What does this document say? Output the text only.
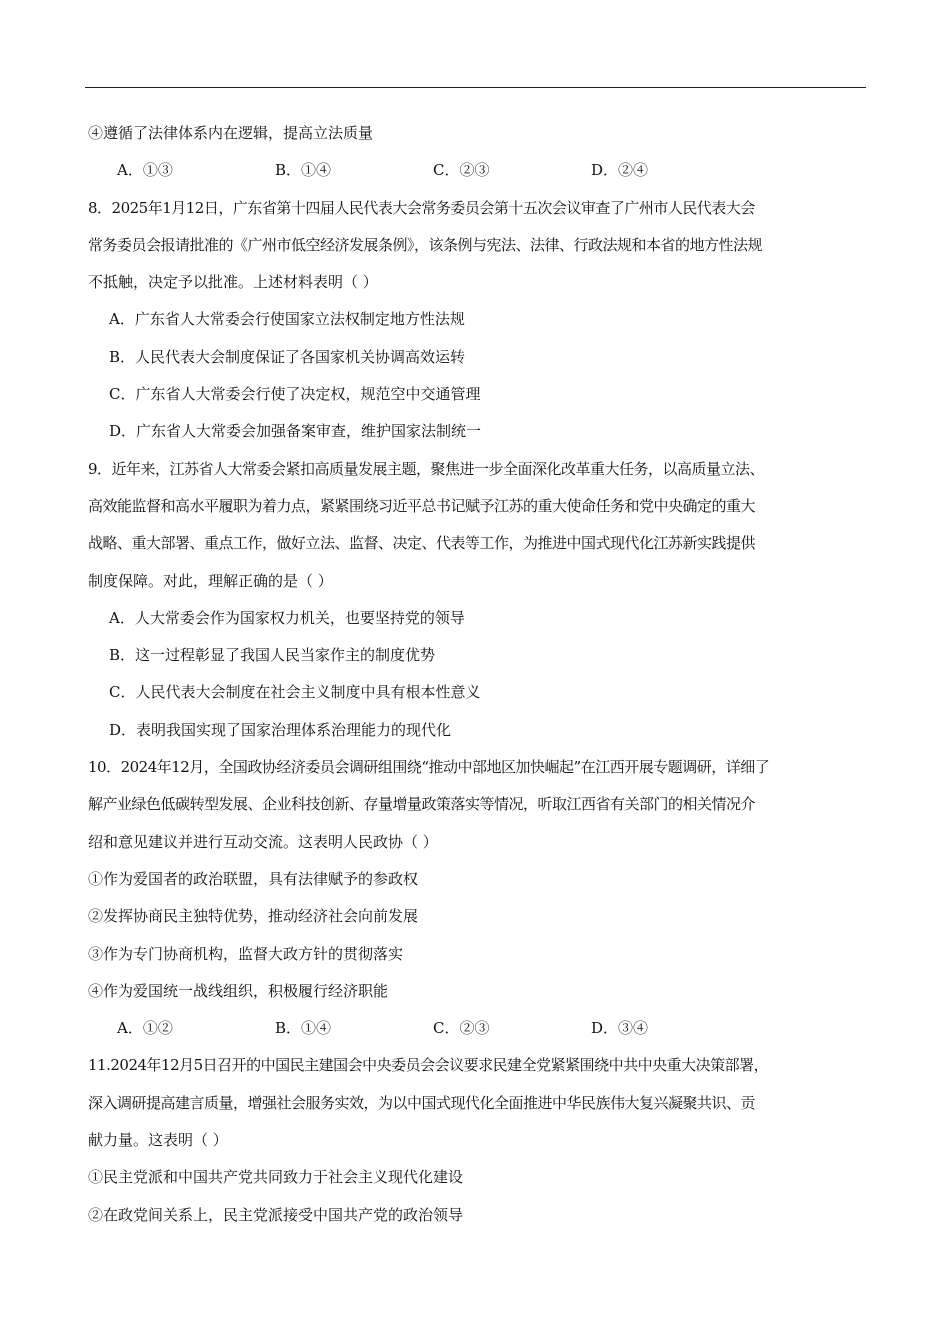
④遵循了法律体系内在逻辑，提高立法质量
A．①③	B．①④	C．②③	D．②④
8．2025年1月12日，广东省第十四届人民代表大会常务委员会第十五次会议审查了广州市人民代表大会
常务委员会报请批准的《广州市低空经济发展条例》，该条例与宪法、法律、行政法规和本省的地方性法规
不抵触，决定予以批准。上述材料表明（ ）
A．广东省人大常委会行使国家立法权制定地方性法规
B．人民代表大会制度保证了各国家机关协调高效运转
C．广东省人大常委会行使了决定权，规范空中交通管理
D．广东省人大常委会加强备案审查，维护国家法制统一
9．近年来，江苏省人大常委会紧扣高质量发展主题，聚焦进一步全面深化改革重大任务，以高质量立法、
高效能监督和高水平履职为着力点，紧紧围绕习近平总书记赋予江苏的重大使命任务和党中央确定的重大
战略、重大部署、重点工作，做好立法、监督、决定、代表等工作，为推进中国式现代化江苏新实践提供
制度保障。对此，理解正确的是（ ）
A．人大常委会作为国家权力机关，也要坚持党的领导
B．这一过程彰显了我国人民当家作主的制度优势
C．人民代表大会制度在社会主义制度中具有根本性意义
D．表明我国实现了国家治理体系治理能力的现代化
10．2024年12月，全国政协经济委员会调研组围绕“推动中部地区加快崛起”在江西开展专题调研，详细了
解产业绿色低碳转型发展、企业科技创新、存量增量政策落实等情况，听取江西省有关部门的相关情况介
绍和意见建议并进行互动交流。这表明人民政协（ ）
①作为爱国者的政治联盟，具有法律赋予的参政权
②发挥协商民主独特优势，推动经济社会向前发展
③作为专门协商机构，监督大政方针的贯彻落实
④作为爱国统一战线组织，积极履行经济职能
A．①②	B．①④	C．②③	D．③④
11.2024年12月5日召开的中国民主建国会中央委员会会议要求民建全党紧紧围绕中共中央重大决策部署，
深入调研提高建言质量，增强社会服务实效，为以中国式现代化全面推进中华民族伟大复兴凝聚共识、贡
献力量。这表明（ ）
①民主党派和中国共产党共同致力于社会主义现代化建设
②在政党间关系上，民主党派接受中国共产党的政治领导
